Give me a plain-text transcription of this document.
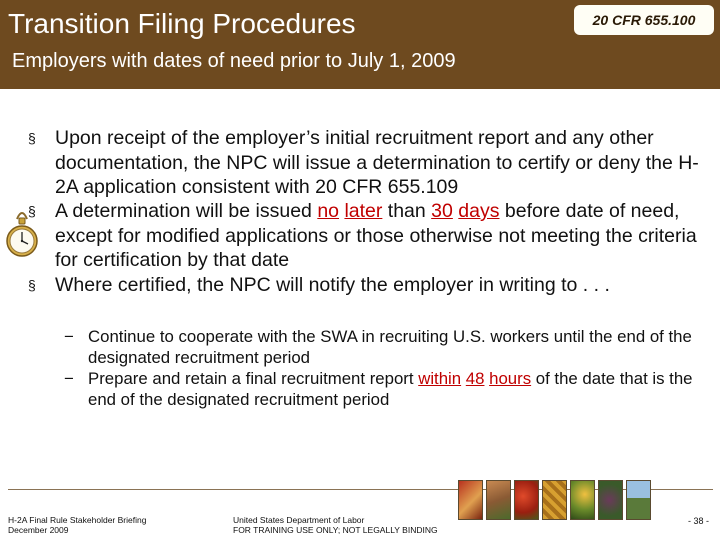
Transition Filing Procedures	20 CFR 655.100
Employers with dates of need prior to July 1, 2009
§ Upon receipt of the employer’s initial recruitment report and any other documentation, the NPC will issue a determination to certify or deny the H-2A application consistent with 20 CFR 655.109
§ A determination will be issued no later than 30 days before date of need, except for modified applications or those otherwise not meeting the criteria for certification by that date
§ Where certified, the NPC will notify the employer in writing to . . .
− Continue to cooperate with the SWA in recruiting U.S. workers until the end of the designated recruitment period
− Prepare and retain a final recruitment report within 48 hours of the date that is the end of the designated recruitment period
H-2A Final Rule Stakeholder Briefing
December 2009
United States Department of Labor
FOR TRAINING USE ONLY; NOT LEGALLY BINDING
- 38 -
